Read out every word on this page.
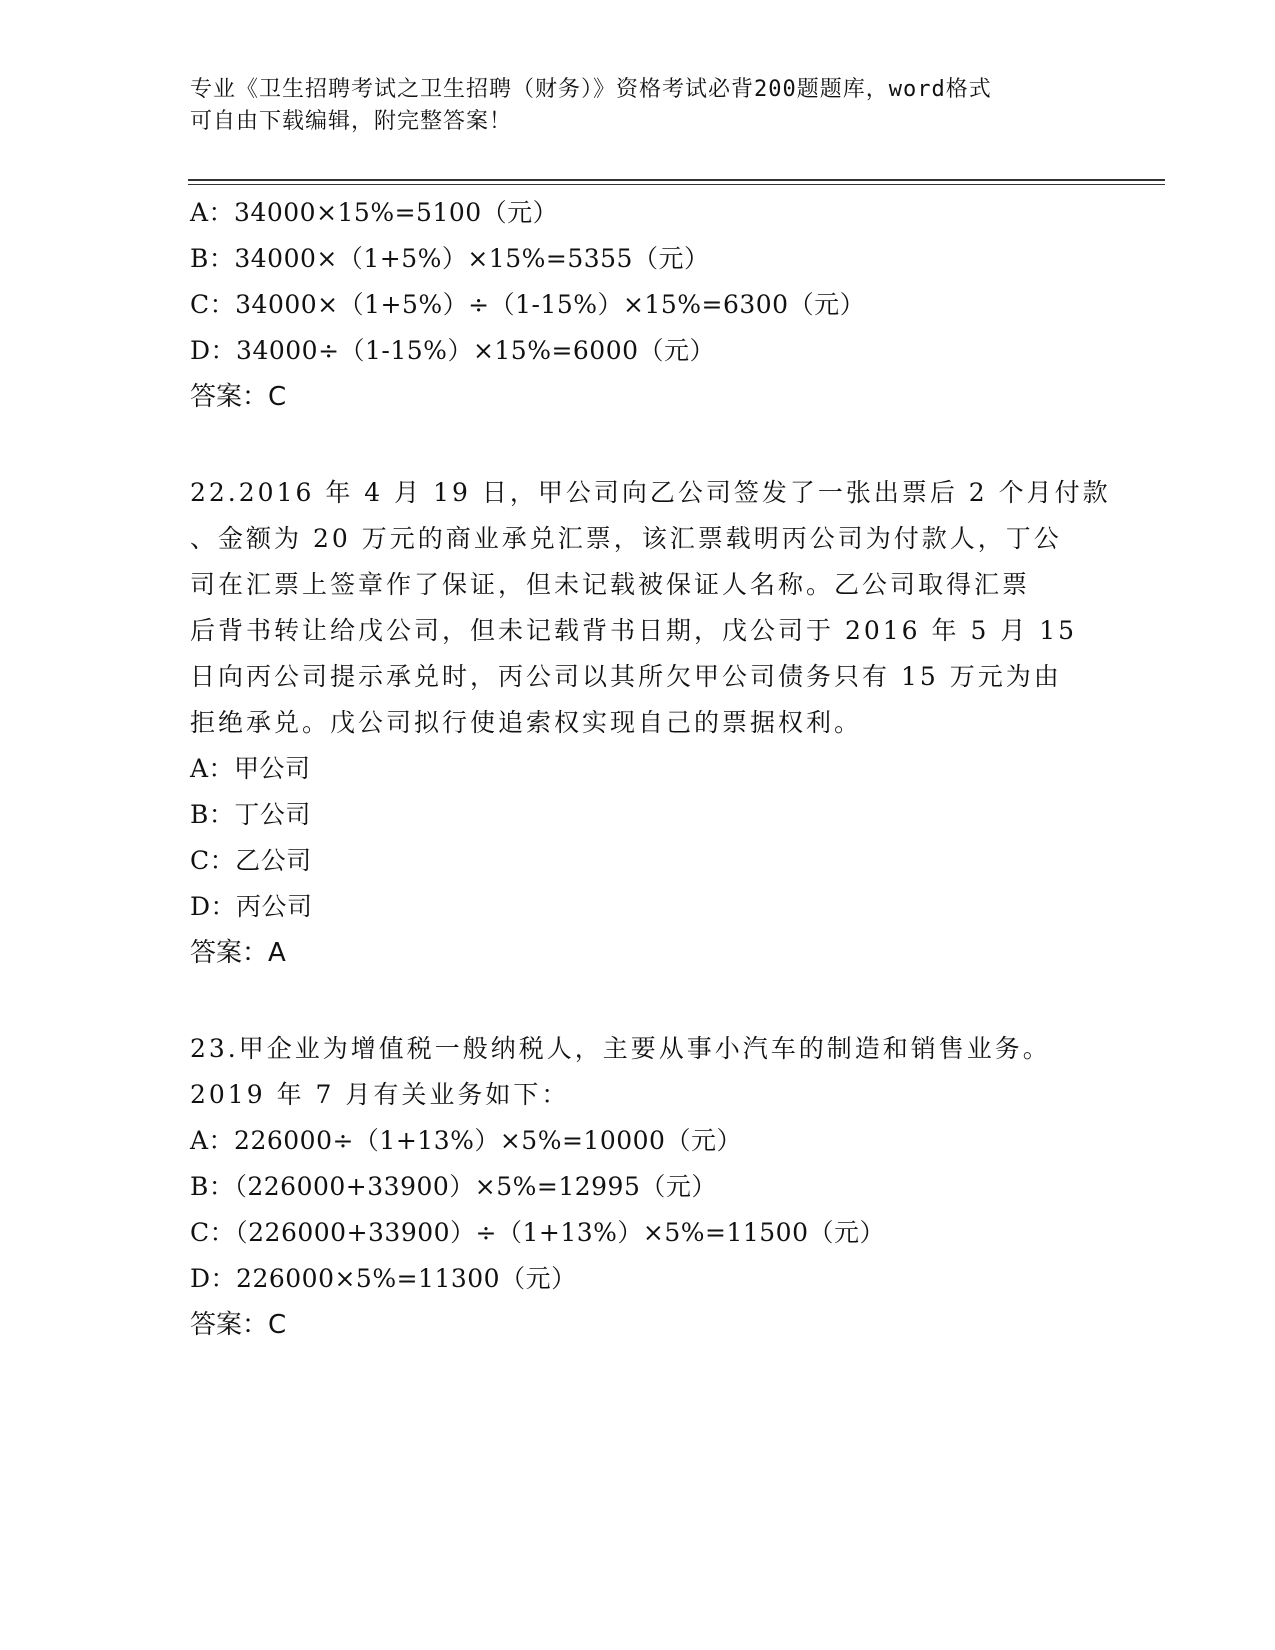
专业《卫生招聘考试之卫生招聘（财务）》资格考试必背200题题库，word格式
可自由下载编辑，附完整答案！
A：34000×15%=5100（元）
B：34000×（1+5%）×15%=5355（元）
C：34000×（1+5%）÷（1-15%）×15%=6300（元）
D：34000÷（1-15%）×15%=6000（元）
答案：C
22.2016 年 4 月 19 日，甲公司向乙公司签发了一张出票后 2 个月付款
、金额为 20 万元的商业承兑汇票，该汇票载明丙公司为付款人，丁公
司在汇票上签章作了保证，但未记载被保证人名称。乙公司取得汇票
后背书转让给戊公司，但未记载背书日期，戊公司于 2016 年 5 月 15
日向丙公司提示承兑时，丙公司以其所欠甲公司债务只有 15 万元为由
拒绝承兑。戊公司拟行使追索权实现自己的票据权利。
A：甲公司
B：丁公司
C：乙公司
D：丙公司
答案：A
23.甲企业为增值税一般纳税人，主要从事小汽车的制造和销售业务。
2019 年 7 月有关业务如下：
A：226000÷（1+13%）×5%=10000（元）
B：（226000+33900）×5%=12995（元）
C：（226000+33900）÷（1+13%）×5%=11500（元）
D：226000×5%=11300（元）
答案：C
